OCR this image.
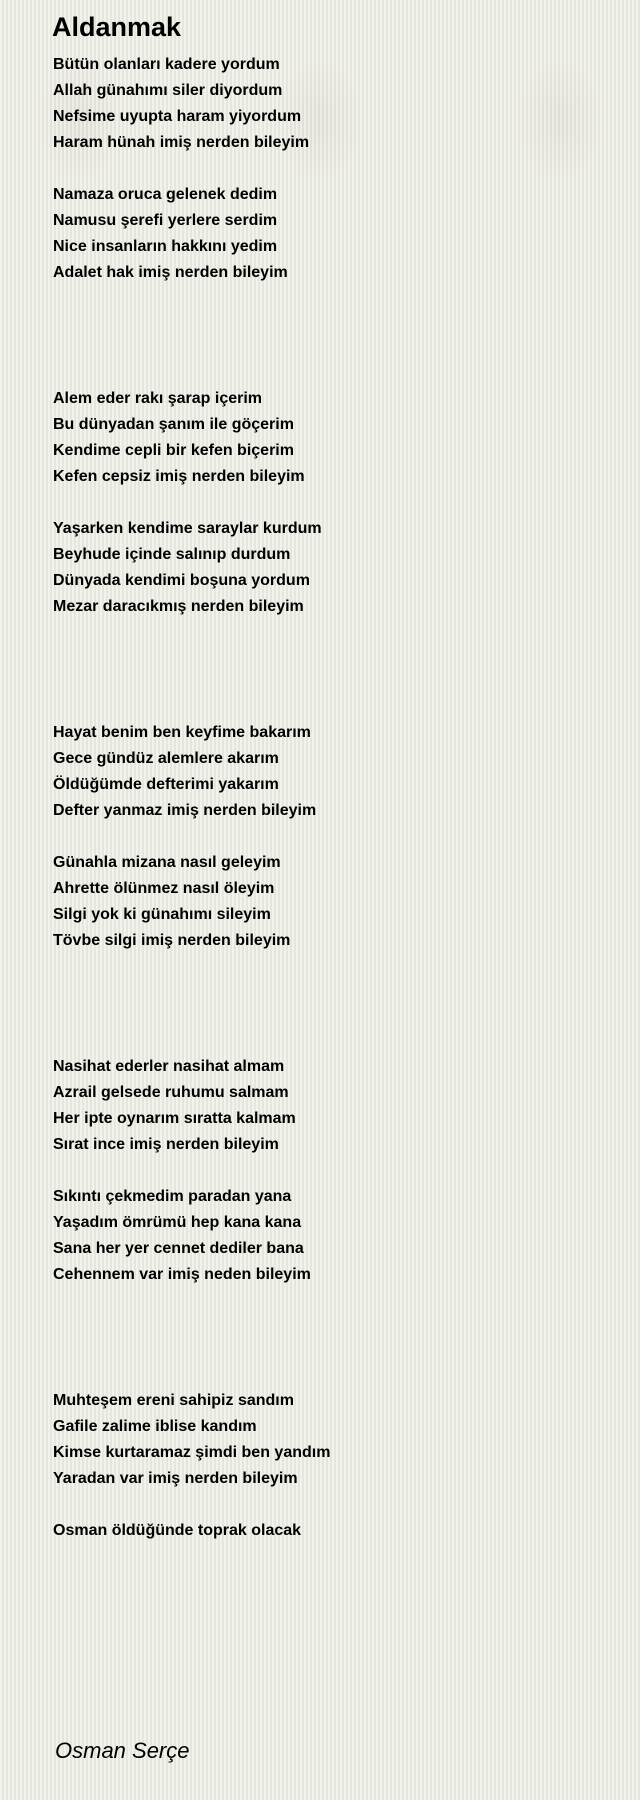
Aldanmak
Bütün olanları kadere yordum
Allah günahımı siler diyordum
Nefsime uyupta haram yiyordum
Haram hünah imiş nerden bileyim
Namaza oruca gelenek dedim
Namusu şerefi yerlere serdim
Nice insanların hakkını yedim
Adalet hak imiş nerden bileyim
Alem eder rakı şarap içerim
Bu dünyadan şanım ile göçerim
Kendime cepli bir kefen biçerim
Kefen cepsiz imiş nerden bileyim
Yaşarken kendime saraylar kurdum
Beyhude içinde salınıp durdum
Dünyada kendimi boşuna yordum
Mezar daracıkmış nerden bileyim
Hayat benim ben keyfime bakarım
Gece gündüz alemlere akarım
Öldüğümde defterimi yakarım
Defter yanmaz imiş nerden bileyim
Günahla mizana nasıl geleyim
Ahrette ölünmez nasıl öleyim
Silgi yok ki günahımı sileyim
Tövbe silgi imiş nerden bileyim
Nasihat ederler nasihat almam
Azrail gelsede ruhumu salmam
Her ipte oynarım sıratta kalmam
Sırat ince imiş nerden bileyim
Sıkıntı çekmedim paradan yana
Yaşadım ömrümü hep kana kana
Sana her yer cennet dediler bana
Cehennem var imiş neden bileyim
Muhteşem ereni sahipiz sandım
Gafile zalime iblise kandım
Kimse kurtaramaz şimdi ben yandım
Yaradan var imiş nerden bileyim
Osman öldüğünde toprak olacak
Osman Serçe
